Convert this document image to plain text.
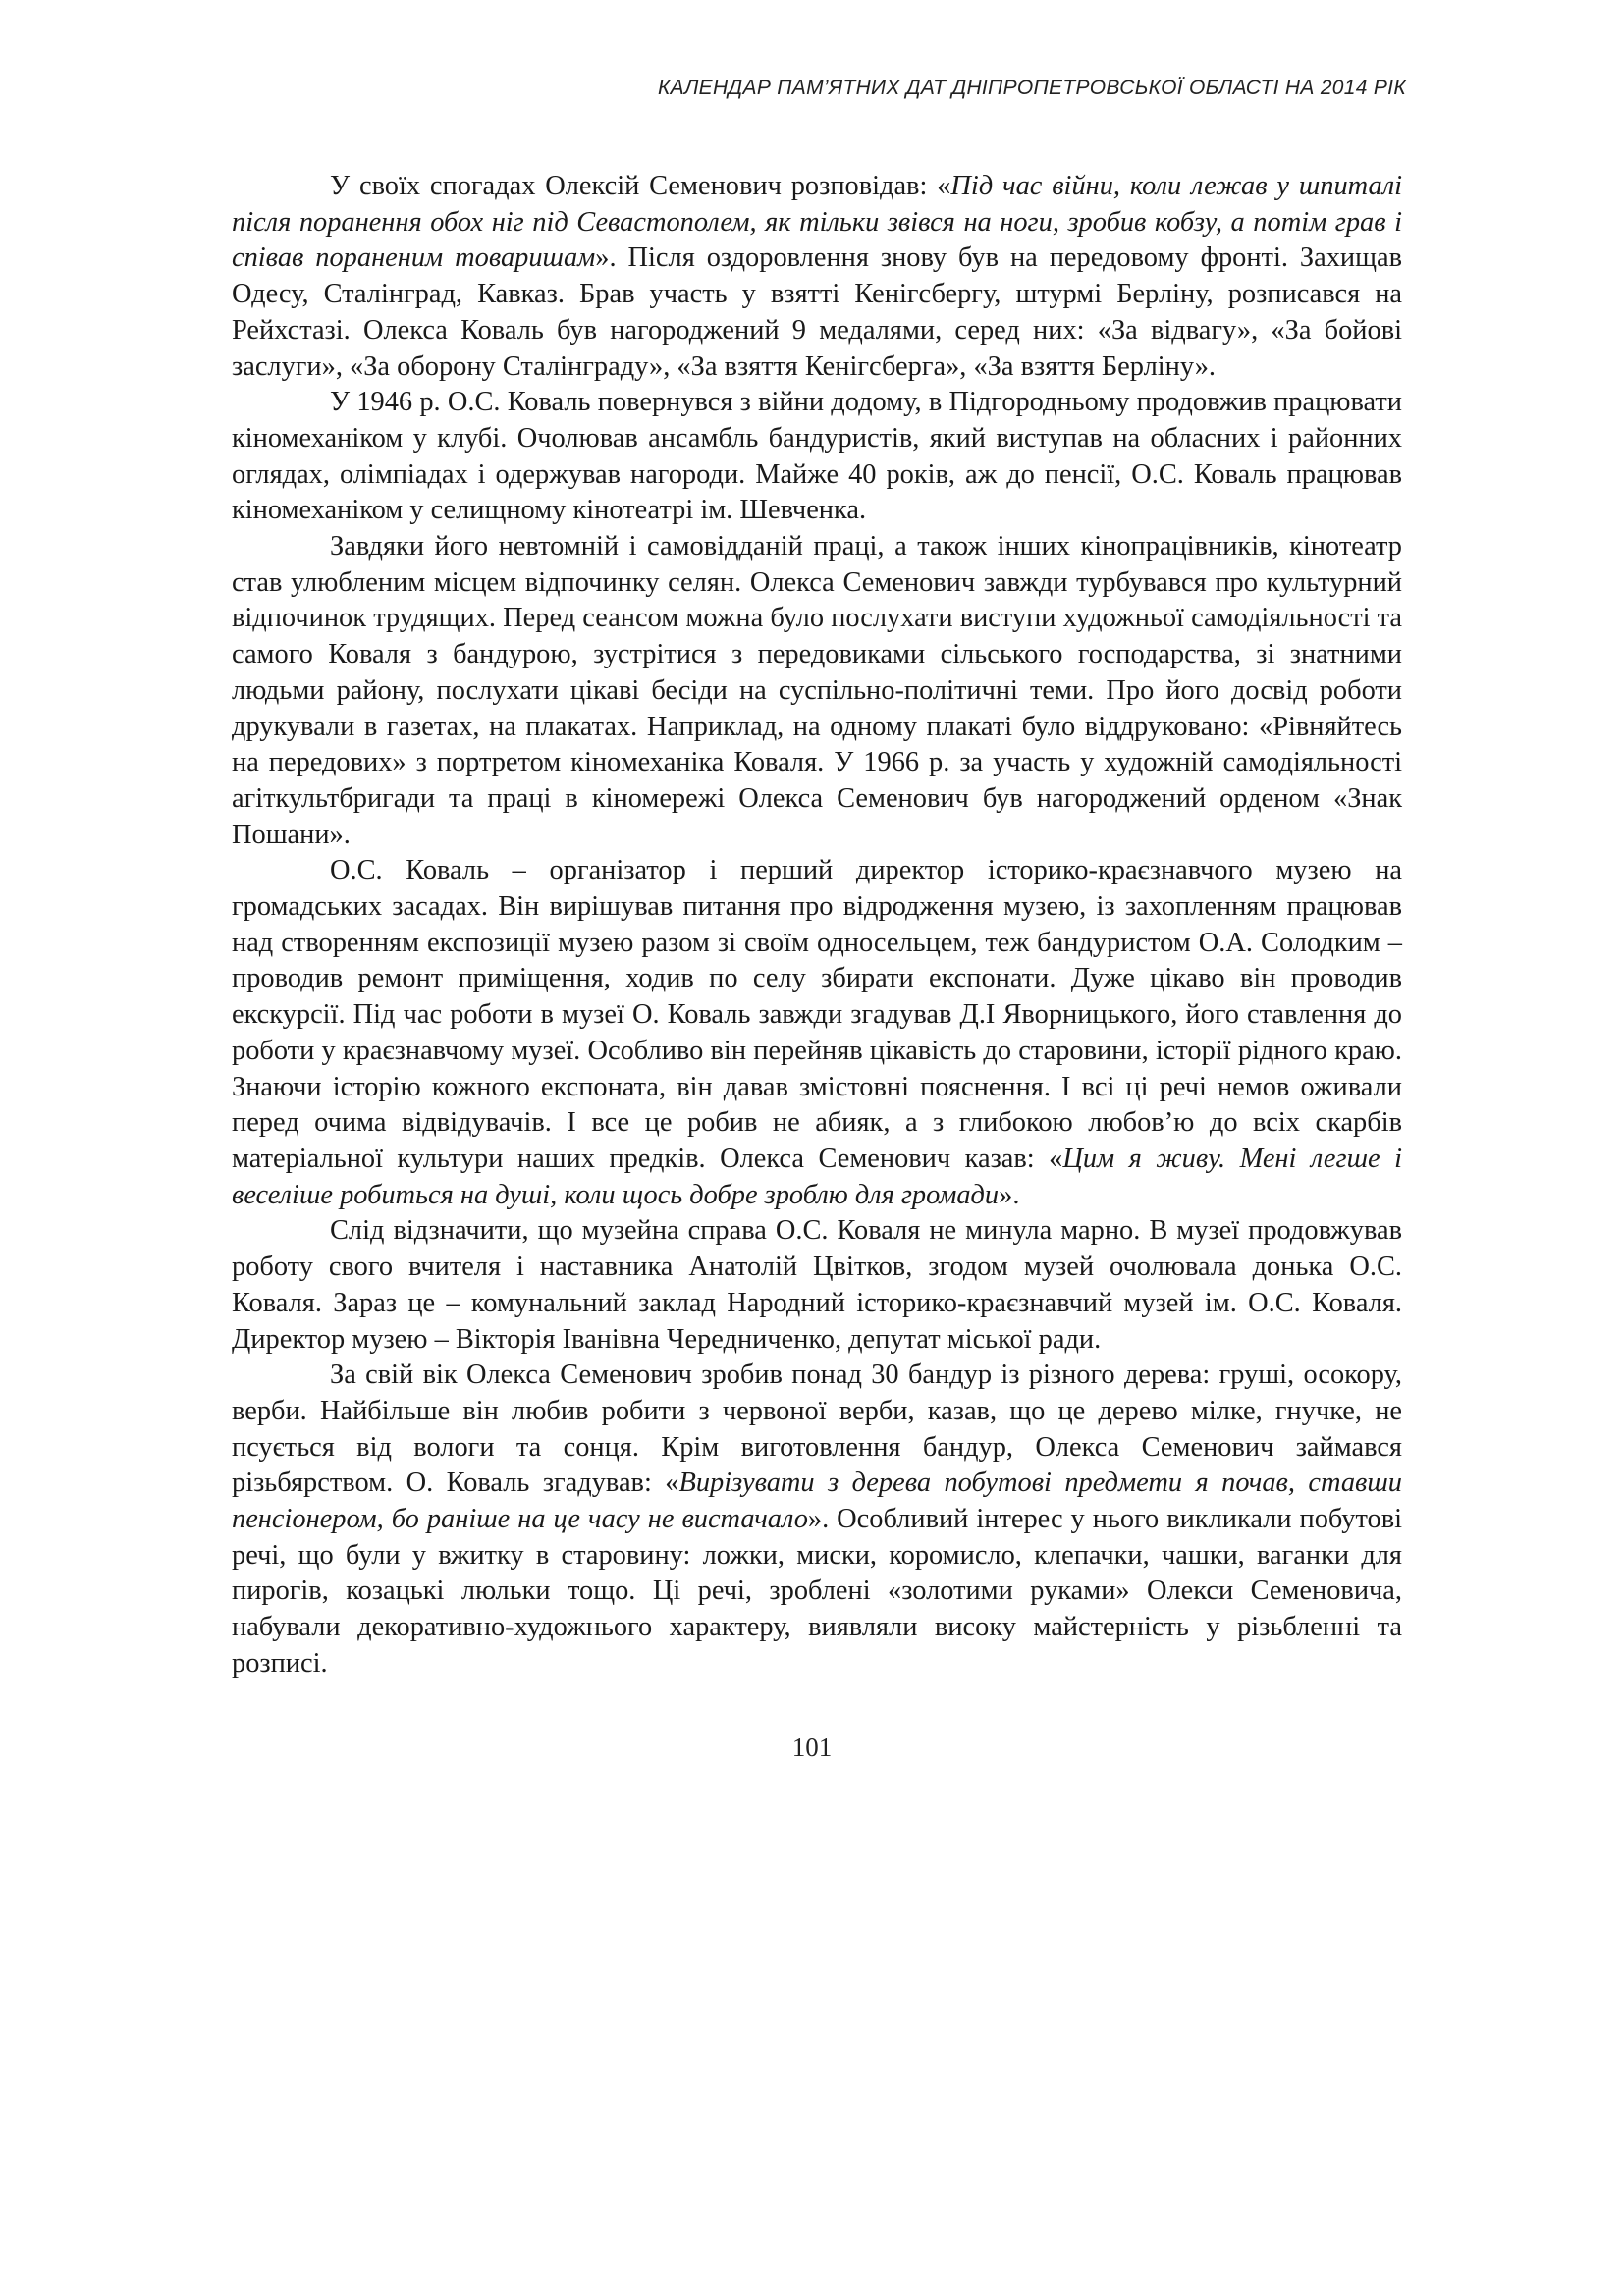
КАЛЕНДАР ПАМ’ЯТНИХ ДАТ ДНІПРОПЕТРОВСЬКОЇ ОБЛАСТІ НА 2014 РІК

У своїх спогадах Олексій Семенович розповідав: «Під час війни, коли лежав у шпиталі після поранення обох ніг під Севастополем, як тільки звівся на ноги, зробив кобзу, а потім грав і співав пораненим товаришам». Після оздоровлення знову був на передовому фронті. Захищав Одесу, Сталінград, Кавказ. Брав участь у взятті Кенігсбергу, штурмі Берліну, розписався на Рейхстазі. Олекса Коваль був нагороджений 9 медалями, серед них: «За відвагу», «За бойові заслуги», «За оборону Сталінграду», «За взяття Кенігсберга», «За взяття Берліну».

У 1946 р. О.С. Коваль повернувся з війни додому, в Підгородньому продовжив працювати кіномеханіком у клубі. Очолював ансамбль бандуристів, який виступав на обласних і районних оглядах, олімпіадах і одержував нагороди. Майже 40 років, аж до пенсії, О.С. Коваль працював кіномеханіком у селищному кінотеатрі ім. Шевченка.

Завдяки його невтомній і самовідданій праці, а також інших кінопрацівників, кінотеатр став улюбленим місцем відпочинку селян. Олекса Семенович завжди турбувався про культурний відпочинок трудящих. Перед сеансом можна було послухати виступи художньої самодіяльності та самого Коваля з бандурою, зустрітися з передовиками сільського господарства, зі знатними людьми району, послухати цікаві бесіди на суспільно-політичні теми. Про його досвід роботи друкували в газетах, на плакатах. Наприклад, на одному плакаті було віддруковано: «Рівняйтесь на передових» з портретом кіномеханіка Коваля. У 1966 р. за участь у художній самодіяльності агіткультбригади та праці в кіномережі Олекса Семенович був нагороджений орденом «Знак Пошани».

О.С. Коваль – організатор і перший директор історико-краєзнавчого музею на громадських засадах. Він вирішував питання про відродження музею, із захопленням працював над створенням експозиції музею разом зі своїм односельцем, теж бандуристом О.А. Солодким – проводив ремонт приміщення, ходив по селу збирати експонати. Дуже цікаво він проводив екскурсії. Під час роботи в музеї О. Коваль завжди згадував Д.І Яворницького, його ставлення до роботи у краєзнавчому музеї. Особливо він перейняв цікавість до старовини, історії рідного краю. Знаючи історію кожного експоната, він давав змістовні пояснення. І всі ці речі немов оживали перед очима відвідувачів. І все це робив не абияк, а з глибокою любов’ю до всіх скарбів матеріальної культури наших предків. Олекса Семенович казав: «Цим я живу. Мені легше і веселіше робиться на душі, коли щось добре зроблю для громади».

Слід відзначити, що музейна справа О.С. Коваля не минула марно. В музеї продовжував роботу свого вчителя і наставника Анатолій Цвітков, згодом музей очолювала донька О.С. Коваля. Зараз це – комунальний заклад Народний історико-краєзнавчий музей ім. О.С. Коваля. Директор музею – Вікторія Іванівна Чередниченко, депутат міської ради.

За свій вік Олекса Семенович зробив понад 30 бандур із різного дерева: груші, осокору, верби. Найбільше він любив робити з червоної верби, казав, що це дерево мілке, гнучке, не псується від вологи та сонця. Крім виготовлення бандур, Олекса Семенович займався різьбярством. О. Коваль згадував: «Вирізувати з дерева побутові предмети я почав, ставши пенсіонером, бо раніше на це часу не вистачало». Особливий інтерес у нього викликали побутові речі, що були у вжитку в старовину: ложки, миски, коромисло, клепачки, чашки, ваганки для пирогів, козацькі люльки тощо. Ці речі, зроблені «золотими руками» Олекси Семеновича, набували декоративно-художнього характеру, виявляли високу майстерність у різьбленні та розписі.

101
